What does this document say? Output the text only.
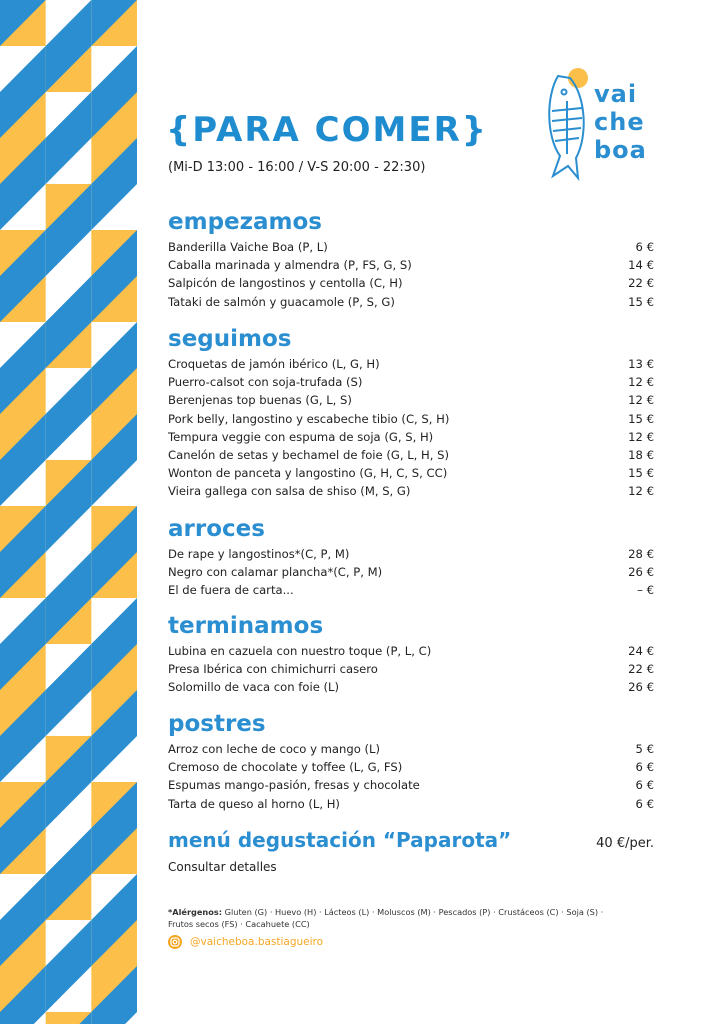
{PARA COMER}
(Mi-D 13:00 - 16:00 / V-S 20:00 - 22:30)
vai
che
boa
empezamos
Banderilla Vaiche Boa (P, L)	6 €
Caballa marinada y almendra (P, FS, G, S)	14 €
Salpicón de langostinos y centolla (C, H)	22 €
Tataki de salmón y guacamole (P, S, G)	15 €
seguimos
Croquetas de jamón ibérico (L, G, H)	13 €
Puerro-calsot con soja-trufada (S)	12 €
Berenjenas top buenas (G, L, S)	12 €
Pork belly, langostino y escabeche tibio (C, S, H)	15 €
Tempura veggie con espuma de soja (G, S, H)	12 €
Canelón de setas y bechamel de foie (G, L, H, S)	18 €
Wonton de panceta y langostino (G, H, C, S, CC)	15 €
Vieira gallega con salsa de shiso (M, S, G)	12 €
arroces
De rape y langostinos*(C, P, M)	28 €
Negro con calamar plancha*(C, P, M)	26 €
El de fuera de carta...	– €
terminamos
Lubina en cazuela con nuestro toque (P, L, C)	24 €
Presa Ibérica con chimichurri casero	22 €
Solomillo de vaca con foie (L)	26 €
postres
Arroz con leche de coco y mango (L)	5 €
Cremoso de chocolate y toffee (L, G, FS)	6 €
Espumas mango-pasión, fresas y chocolate	6 €
Tarta de queso al horno (L, H)	6 €
menú degustación “Paparota”	40 €/per.
Consultar detalles
*Alérgenos: Gluten (G) · Huevo (H) · Lácteos (L) · Moluscos (M) · Pescados (P) · Crustáceos (C) · Soja (S) · Frutos secos (FS) · Cacahuete (CC)
@vaicheboa.bastiagueiro
